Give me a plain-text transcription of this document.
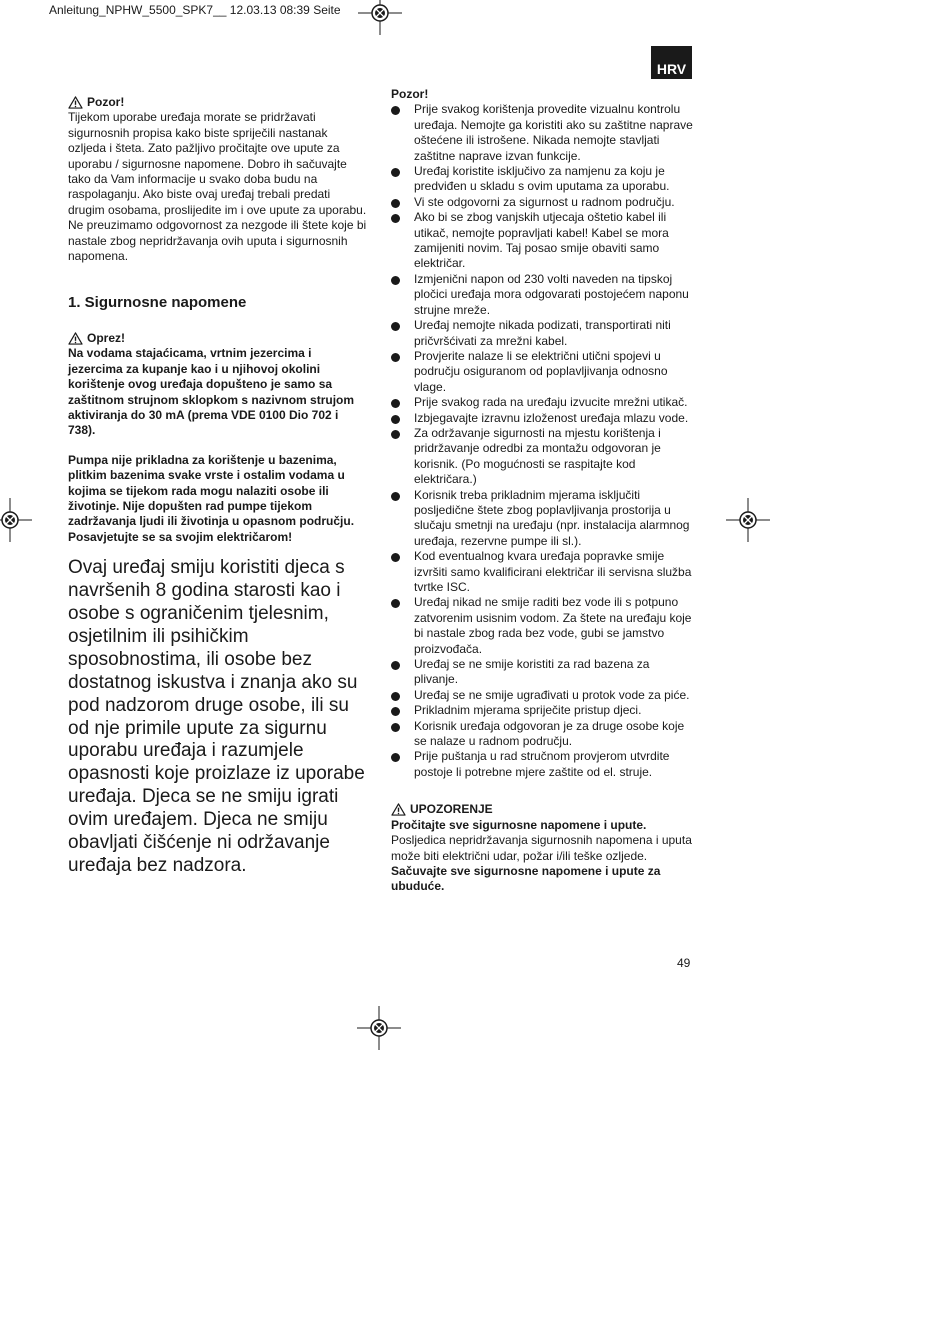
Anleitung_NPHW_5500_SPK7__ 12.03.13 08:39 Seite
HRV
Pozor!

Tijekom uporabe uređaja morate se pridržavati sigurnosnih propisa kako biste spriječili nastanak ozljeda i šteta. Zato pažljivo pročitajte ove upute za uporabu / sigurnosne napomene. Dobro ih sačuvajte tako da Vam informacije u svako doba budu na raspolaganju. Ako biste ovaj uređaj trebali predati drugim osobama, proslijedite im i ove upute za uporabu. Ne preuzimamo odgovornost za nezgode ili štete koje bi nastale zbog nepridržavanja ovih uputa i sigurnosnih napomena.

1. Sigurnosne napomene
Oprez!

Na vodama stajaćicama, vrtnim jezercima i jezercima za kupanje kao i u njihovoj okolini korištenje ovog uređaja dopušteno je samo sa zaštitnom strujnom sklopkom s nazivnom strujom aktiviranja do 30 mA (prema VDE 0100 Dio 702 i 738).

Pumpa nije prikladna za korištenje u bazenima, plitkim bazenima svake vrste i ostalim vodama u kojima se tijekom rada mogu nalaziti osobe ili životinje. Nije dopušten rad pumpe tijekom zadržavanja ljudi ili životinja u opasnom području. Posavjetujte se sa svojim električarom!

Ovaj uređaj smiju koristiti djeca s navršenih 8 godina starosti kao i osobe s ograničenim tjelesnim, osjetilnim ili psihičkim sposobnostima, ili osobe bez dostatnog iskustva i znanja ako su pod nadzorom druge osobe, ili su od nje primile upute za sigurnu uporabu uređaja i razumjele opasnosti koje proizlaze iz uporabe uređaja. Djeca se ne smiju igrati ovim uređajem. Djeca ne smiju obavljati čišćenje ni održavanje uređaja bez nadzora.

Pozor!
Prije svakog korištenja provedite vizualnu kontrolu uređaja. Nemojte ga koristiti ako su zaštitne naprave oštećene ili istrošene. Nikada nemojte stavljati zaštitne naprave izvan funkcije.
Uređaj koristite isključivo za namjenu za koju je predviđen u skladu s ovim uputama za uporabu.
Vi ste odgovorni za sigurnost u radnom području.
Ako bi se zbog vanjskih utjecaja oštetio kabel ili utikač, nemojte popravljati kabel! Kabel se mora zamijeniti novim. Taj posao smije obaviti samo električar.
Izmjenični napon od 230 volti naveden na tipskoj pločici uređaja mora odgovarati postojećem naponu strujne mreže.
Uređaj nemojte nikada podizati, transportirati niti pričvršćivati za mrežni kabel.
Provjerite nalaze li se električni utični spojevi u području osiguranom od poplavljivanja odnosno vlage.
Prije svakog rada na uređaju izvucite mrežni utikač.
Izbjegavajte izravnu izloženost uređaja mlazu vode.
Za održavanje sigurnosti na mjestu korištenja i pridržavanje odredbi za montažu odgovoran je korisnik. (Po mogućnosti se raspitajte kod električara.)
Korisnik treba prikladnim mjerama isključiti posljedične štete zbog poplavljivanja prostorija u slučaju smetnji na uređaju (npr. instalacija alarmnog uređaja, rezervne pumpe ili sl.).
Kod eventualnog kvara uređaja popravke smije izvršiti samo kvalificirani električar ili servisna služba tvrtke ISC.
Uređaj nikad ne smije raditi bez vode ili s potpuno zatvorenim usisnim vodom. Za štete na uređaju koje bi nastale zbog rada bez vode, gubi se jamstvo proizvođača.
Uređaj se ne smije koristiti za rad bazena za plivanje.
Uređaj se ne smije ugrađivati u protok vode za piće.
Prikladnim mjerama spriječite pristup djeci.
Korisnik uređaja odgovoran je za druge osobe koje se nalaze u radnom području.
Prije puštanja u rad stručnom provjerom utvrdite postoje li potrebne mjere zaštite od el. struje.
UPOZORENJE

Pročitajte sve sigurnosne napomene i upute.

Posljedica nepridržavanja sigurnosnih napomena i uputa može biti električni udar, požar i/ili teške ozljede. Sačuvajte sve sigurnosne napomene i upute za ubuduće.

49
